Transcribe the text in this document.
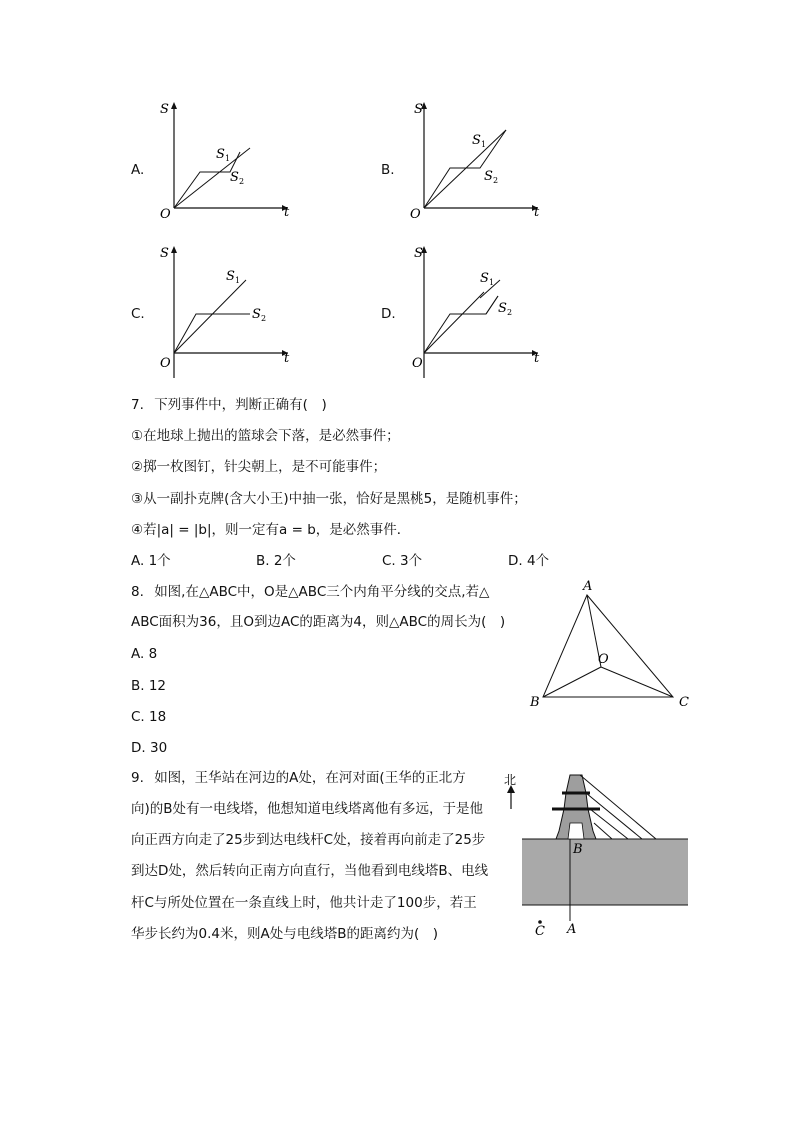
A.
S
t
O
S 1
S 2
B.
S
t
O
S 1
S 2
C.
S
t
O
S 1
S 2	D.
S
t
O
S 1
S 2
7. 下列事件中，判断正确有(　)
①在地球上抛出的篮球会下落，是必然事件；
②掷一枚图钉，针尖朝上，是不可能事件；
③从一副扑克牌(含大小王)中抽一张，恰好是黑桃5，是随机事件；
④若|a| = |b|，则一定有a = b，是必然事件．
A. 1个	B. 2个	C. 3个	D. 4个
8. 如图,在△ABC中，O是△ABC三个内角平分线的交点,若△
ABC面积为36，且O到边AC的距离为4，则△ABC的周长为(　)
A. 8
B. 12
C. 18
D. 30
A
B	C
O
9. 如图，王华站在河边的A处，在河对面(王华的正北方
向)的B处有一电线塔，他想知道电线塔离他有多远，于是他
向正西方向走了25步到达电线杆C处，接着再向前走了25步
到达D处，然后转向正南方向直行，当他看到电线塔B、电线
杆C与所处位置在一条直线上时，他共计走了100步，若王
华步长约为0.4米，则A处与电线塔B的距离约为(　)
北
B
A
C
